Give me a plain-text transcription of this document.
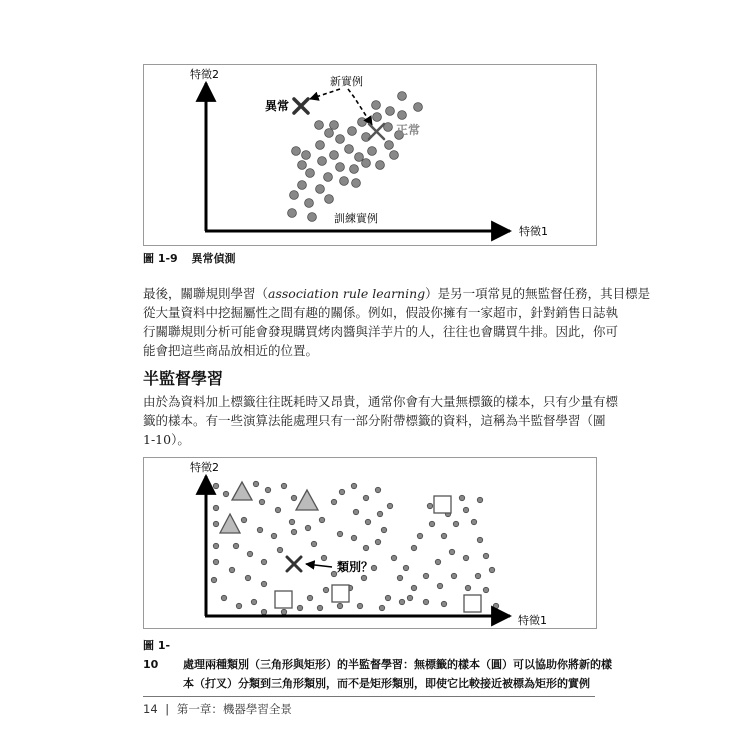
特徵2
特徵1
新實例
異常
正常
訓練實例
圖 1-9 異常偵測
最後，關聯規則學習（association rule learning）是另一項常見的無監督任務，其目標是
從大量資料中挖掘屬性之間有趣的關係。例如，假設你擁有一家超市，針對銷售日誌執
行關聯規則分析可能會發現購買烤肉醬與洋芋片的人，往往也會購買牛排。因此，你可
能會把這些商品放相近的位置。
半監督學習
由於為資料加上標籤往往既耗時又昂貴，通常你會有大量無標籤的樣本，只有少量有標
籤的樣本。有一些演算法能處理只有一部分附帶標籤的資料，這稱為半監督學習（圖
1-10）。
特徵2
特徵1
類別？
圖 1-10 處理兩種類別（三角形與矩形）的半監督學習：無標籤的樣本（圓）可以協助你將新的樣
本（打叉）分類到三角形類別，而不是矩形類別，即使它比較接近被標為矩形的實例
14 | 第一章：機器學習全景
